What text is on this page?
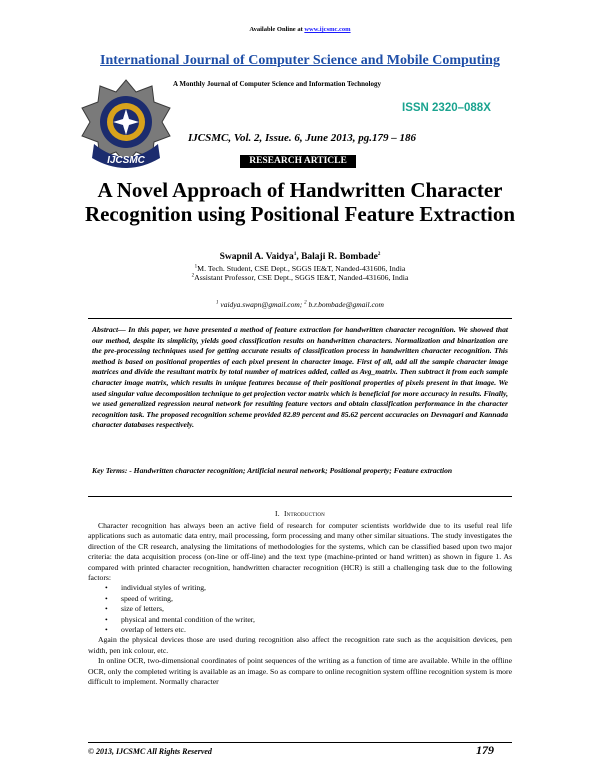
Available Online at www.ijcsmc.com
International Journal of Computer Science and Mobile Computing
IJCSMC
A Monthly Journal of Computer Science and Information Technology
ISSN 2320–088X
IJCSMC, Vol. 2, Issue. 6, June 2013, pg.179 – 186
RESEARCH ARTICLE
A Novel Approach of Handwritten Character
Recognition using Positional Feature Extraction
Swapnil A. Vaidya$^1$, Balaji R. Bombade$^2$
$^1$M. Tech. Student, CSE Dept., SGGS IE&T, Nanded-431606, India
$^2$Assistant Professor, CSE Dept., SGGS IE&T, Nanded-431606, India
$^1$ vaidya.swapn@gmail.com; $^2$ b.r.bombade@gmail.com
Abstract— In this paper, we have presented a method of feature extraction for handwritten character recognition. We showed that our method, despite its simplicity, yields good classification results on handwritten characters. Normalization and binarization are the pre-processing techniques used for getting accurate results of classification process in handwritten character recognition. This method is based on positional properties of each pixel present in character image. First of all, add all the sample character image matrices and divide the resultant matrix by total number of matrices added, called as Avg_matrix. Then subtract it from each sample character image matrix, which results in unique features because of their positional properties of pixels present in that image. We used singular value decomposition technique to get projection vector matrix which is beneficial for more accuracy in results. Finally, we used generalized regression neural network for resulting feature vectors and obtain classification performance in the character recognition task. The proposed recognition scheme provided 82.89 percent and 85.62 percent accuracies on Devnagari and Kannada character databases respectively.
Key Terms: - Handwritten character recognition; Artificial neural network; Positional property; Feature extraction
I. Introduction

Character recognition has always been an active field of research for computer scientists worldwide due to its useful real life applications such as automatic data entry, mail processing, form processing and many other similar situations. The study investigates the direction of the CR research, analysing the limitations of methodologies for the systems, which can be classified based upon two major criteria: the data acquisition process (on-line or off-line) and the text type (machine-printed or hand written) as shown in figure 1. As compared with printed character recognition, handwritten character recognition (HCR) is still a challenging task due to the following factors:

• individual styles of writing,
• speed of writing,
• size of letters,
• physical and mental condition of the writer,
• overlap of letters etc.

Again the physical devices those are used during recognition also affect the recognition rate such as the acquisition devices, pen width, pen ink colour, etc.

In online OCR, two-dimensional coordinates of point sequences of the writing as a function of time are available. While in the offline OCR, only the completed writing is available as an image. So as compare to online recognition system offline recognition system is more difficult to implement. Normally character

© 2013, IJCSMC All Rights Reserved	179
